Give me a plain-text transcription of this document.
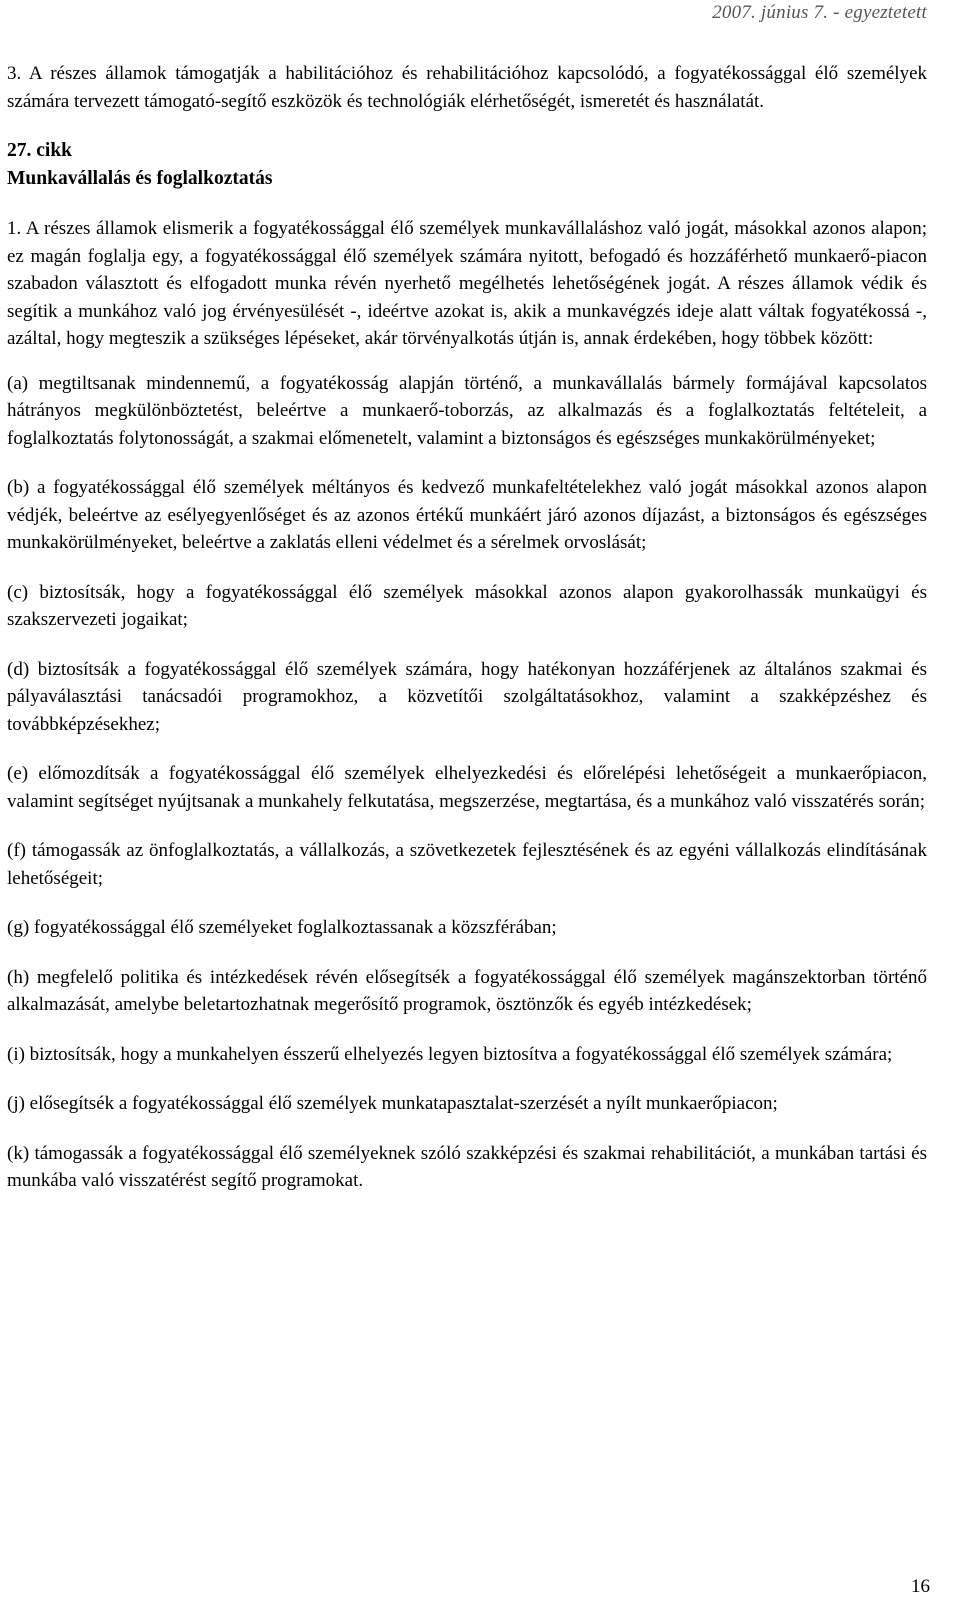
2007. június 7. - egyeztetett

3. A részes államok támogatják a habilitációhoz és rehabilitációhoz kapcsolódó, a fogyatékossággal élő személyek számára tervezett támogató-segítő eszközök és technológiák elérhetőségét, ismeretét és használatát.

27. cikk

Munkavállalás és foglalkoztatás

1. A részes államok elismerik a fogyatékossággal élő személyek munkavállaláshoz való jogát, másokkal azonos alapon; ez magán foglalja egy, a fogyatékossággal élő személyek számára nyitott, befogadó és hozzáférhető munkaerő-piacon szabadon választott és elfogadott munka révén nyerhető megélhetés lehetőségének jogát. A részes államok védik és segítik a munkához való jog érvényesülését -, ideértve azokat is, akik a munkavégzés ideje alatt váltak fogyatékossá -, azáltal, hogy megteszik a szükséges lépéseket, akár törvényalkotás útján is, annak érdekében, hogy többek között:

(a) megtiltsanak mindennemű, a fogyatékosság alapján történő, a munkavállalás bármely formájával kapcsolatos hátrányos megkülönböztetést, beleértve a munkaerő-toborzás, az alkalmazás és a foglalkoztatás feltételeit, a foglalkoztatás folytonosságát, a szakmai előmenetelt, valamint a biztonságos és egészséges munkakörülményeket;

(b) a fogyatékossággal élő személyek méltányos és kedvező munkafeltételekhez való jogát másokkal azonos alapon védjék, beleértve az esélyegyenlőséget és az azonos értékű munkáért járó azonos díjazást, a biztonságos és egészséges munkakörülményeket, beleértve a zaklatás elleni védelmet és a sérelmek orvoslását;

(c) biztosítsák, hogy a fogyatékossággal élő személyek másokkal azonos alapon gyakorolhassák munkaügyi és szakszervezeti jogaikat;

(d) biztosítsák a fogyatékossággal élő személyek számára, hogy hatékonyan hozzáférjenek az általános szakmai és pályaválasztási tanácsadói programokhoz, a közvetítői szolgáltatásokhoz, valamint a szakképzéshez és továbbképzésekhez;

(e) előmozdítsák a fogyatékossággal élő személyek elhelyezkedési és előrelépési lehetőségeit a munkaerőpiacon, valamint segítséget nyújtsanak a munkahely felkutatása, megszerzése, megtartása, és a munkához való visszatérés során;

(f) támogassák az önfoglalkoztatás, a vállalkozás, a szövetkezetek fejlesztésének és az egyéni vállalkozás elindításának lehetőségeit;

(g) fogyatékossággal élő személyeket foglalkoztassanak a közszférában;

(h) megfelelő politika és intézkedések révén elősegítsék a fogyatékossággal élő személyek magánszektorban történő alkalmazását, amelybe beletartozhatnak megerősítő programok, ösztönzők és egyéb intézkedések;

(i) biztosítsák, hogy a munkahelyen ésszerű elhelyezés legyen biztosítva a fogyatékossággal élő személyek számára;

(j) elősegítsék a fogyatékossággal élő személyek munkatapasztalat-szerzését a nyílt munkaerőpiacon;

(k) támogassák a fogyatékossággal élő személyeknek szóló szakképzési és szakmai rehabilitációt, a munkában tartási és munkába való visszatérést segítő programokat.

16
